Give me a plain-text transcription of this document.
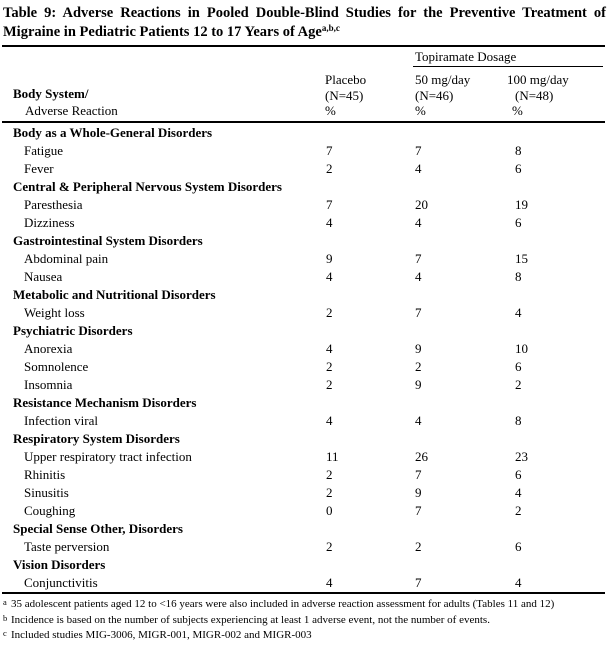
Table 9: Adverse Reactions in Pooled Double-Blind Studies for the Preventive Treatment of
Migraine in Pediatric Patients 12 to 17 Years of Age$^{a,b,c}$
Topiramate Dosage
Body System/
Adverse Reaction
Placebo
(N=45)
%
50 mg/day
(N=46)
%
100 mg/day
(N=48)
%
Body as a Whole-General Disorders
Fatigue	7	7	8
Fever	2	4	6
Central & Peripheral Nervous System Disorders
Paresthesia	7	20	19
Dizziness	4	4	6
Gastrointestinal System Disorders
Abdominal pain	9	7	15
Nausea	4	4	8
Metabolic and Nutritional Disorders
Weight loss	2	7	4
Psychiatric Disorders
Anorexia	4	9	10
Somnolence	2	2	6
Insomnia	2	9	2
Resistance Mechanism Disorders
Infection viral	4	4	8
Respiratory System Disorders
Upper respiratory tract infection	11	26	23
Rhinitis	2	7	6
Sinusitis	2	9	4
Coughing	0	7	2
Special Sense Other, Disorders
Taste perversion	2	2	6
Vision Disorders
Conjunctivitis	4	7	4
a 35 adolescent patients aged 12 to <16 years were also included in adverse reaction assessment for adults (Tables 11 and 12)
b Incidence is based on the number of subjects experiencing at least 1 adverse event, not the number of events.
c Included studies MIG-3006, MIGR-001, MIGR-002 and MIGR-003
